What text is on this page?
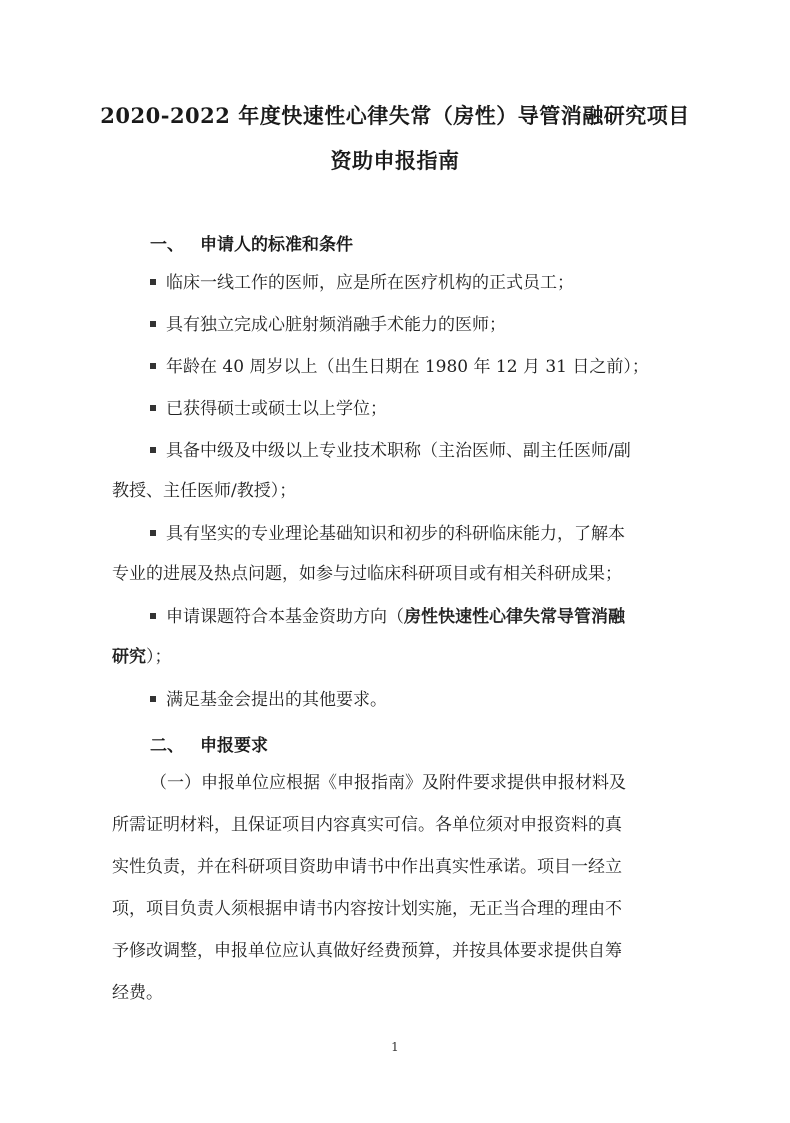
2020-2022 年度快速性心律失常（房性）导管消融研究项目
资助申报指南
一、 申请人的标准和条件
临床一线工作的医师，应是所在医疗机构的正式员工；
具有独立完成心脏射频消融手术能力的医师；
年龄在 40 周岁以上（出生日期在 1980 年 12 月 31 日之前）；
已获得硕士或硕士以上学位；
具备中级及中级以上专业技术职称（主治医师、副主任医师/副
教授、主任医师/教授）；
具有坚实的专业理论基础知识和初步的科研临床能力，了解本
专业的进展及热点问题，如参与过临床科研项目或有相关科研成果；
申请课题符合本基金资助方向（房性快速性心律失常导管消融
研究）；
满足基金会提出的其他要求。
二、 申报要求
（一）申报单位应根据《申报指南》及附件要求提供申报材料及
所需证明材料，且保证项目内容真实可信。各单位须对申报资料的真
实性负责，并在科研项目资助申请书中作出真实性承诺。项目一经立
项，项目负责人须根据申请书内容按计划实施，无正当合理的理由不
予修改调整，申报单位应认真做好经费预算，并按具体要求提供自筹
经费。
1
